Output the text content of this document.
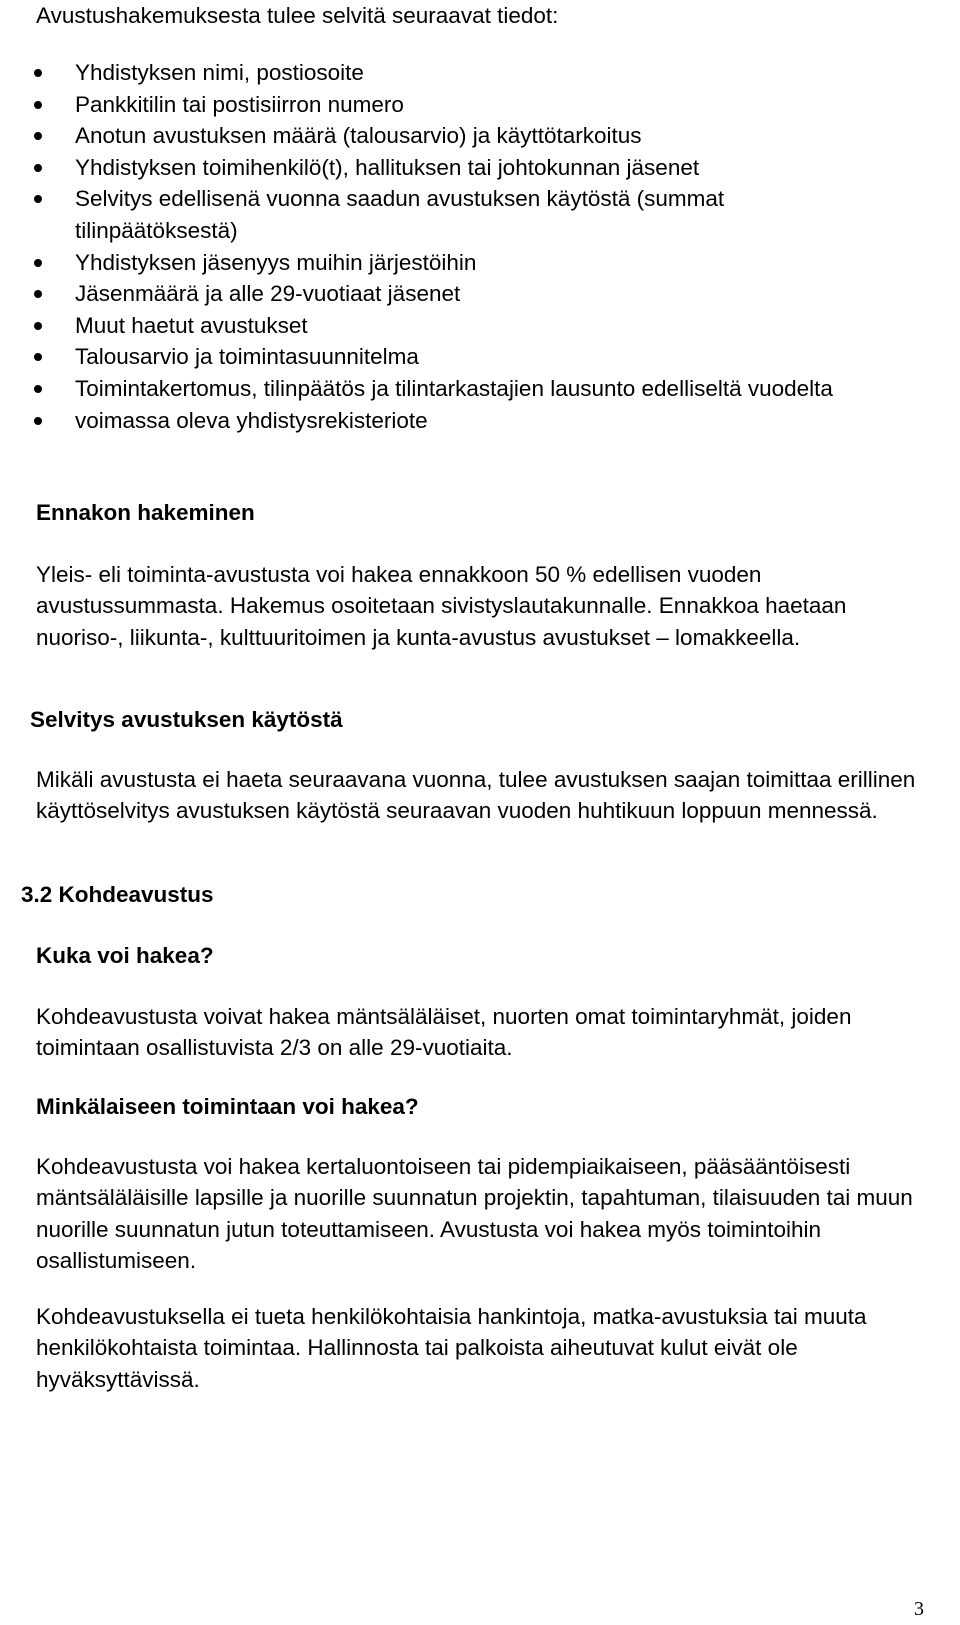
Avustushakemuksesta tulee selvitä seuraavat tiedot:

Yhdistyksen nimi, postiosoite
Pankkitilin tai postisiirron numero
Anotun avustuksen määrä (talousarvio) ja käyttötarkoitus
Yhdistyksen toimihenkilö(t), hallituksen tai johtokunnan jäsenet
Selvitys edellisenä vuonna saadun avustuksen käytöstä (summat tilinpäätöksestä)
Yhdistyksen jäsenyys muihin järjestöihin
Jäsenmäärä ja alle 29-vuotiaat jäsenet
Muut haetut avustukset
Talousarvio ja toimintasuunnitelma
Toimintakertomus, tilinpäätös ja tilintarkastajien lausunto edelliseltä vuodelta
voimassa oleva yhdistysrekisteriote

Ennakon hakeminen

Yleis- eli toiminta-avustusta voi hakea ennakkoon 50 % edellisen vuoden avustussummasta. Hakemus osoitetaan sivistyslautakunnalle. Ennakkoa haetaan nuoriso-, liikunta-, kulttuuritoimen ja kunta-avustus avustukset – lomakkeella.

Selvitys avustuksen käytöstä

Mikäli avustusta ei haeta seuraavana vuonna, tulee avustuksen saajan toimittaa erillinen käyttöselvitys avustuksen käytöstä seuraavan vuoden huhtikuun loppuun mennessä.

3.2 Kohdeavustus

Kuka voi hakea?

Kohdeavustusta voivat hakea mäntsäläläiset, nuorten omat toimintaryhmät, joiden toimintaan osallistuvista 2/3 on alle 29-vuotiaita.

Minkälaiseen toimintaan voi hakea?

Kohdeavustusta voi hakea kertaluontoiseen tai pidempiaikaiseen, pääsääntöisesti mäntsäläläisille lapsille ja nuorille suunnatun projektin, tapahtuman, tilaisuuden tai muun nuorille suunnatun jutun toteuttamiseen. Avustusta voi hakea myös toimintoihin osallistumiseen.

Kohdeavustuksella ei tueta henkilökohtaisia hankintoja, matka-avustuksia tai muuta henkilökohtaista toimintaa. Hallinnosta tai palkoista aiheutuvat kulut eivät ole hyväksyttävissä.

3
